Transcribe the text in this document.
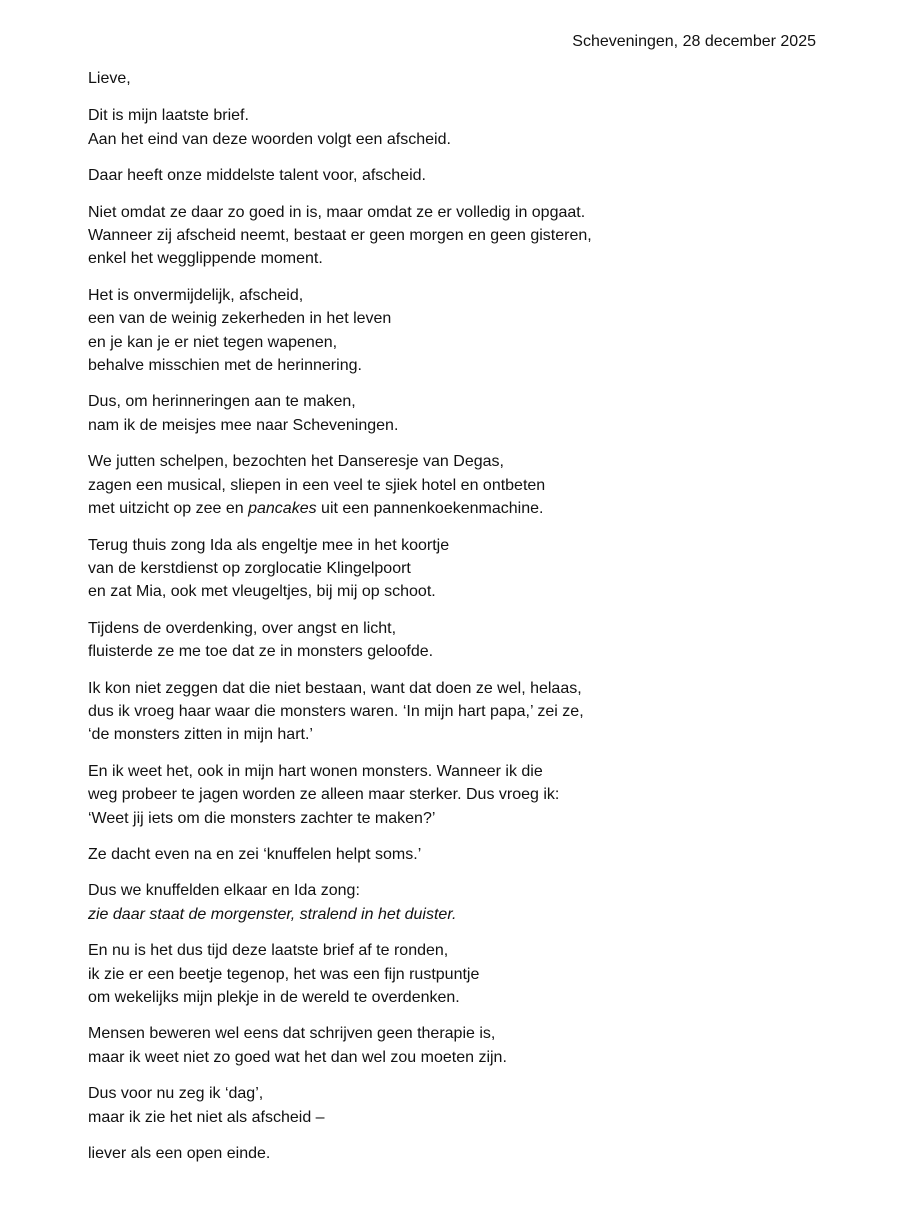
Scheveningen, 28 december 2025
Lieve,
Dit is mijn laatste brief.
Aan het eind van deze woorden volgt een afscheid.
Daar heeft onze middelste talent voor, afscheid.
Niet omdat ze daar zo goed in is, maar omdat ze er volledig in opgaat.
Wanneer zij afscheid neemt, bestaat er geen morgen en geen gisteren,
enkel het wegglippende moment.
Het is onvermijdelijk, afscheid,
een van de weinig zekerheden in het leven
en je kan je er niet tegen wapenen,
behalve misschien met de herinnering.
Dus, om herinneringen aan te maken,
nam ik de meisjes mee naar Scheveningen.
We jutten schelpen, bezochten het Danseresje van Degas,
zagen een musical, sliepen in een veel te sjiek hotel en ontbeten
met uitzicht op zee en pancakes uit een pannenkoekenmachine.
Terug thuis zong Ida als engeltje mee in het koortje
van de kerstdienst op zorglocatie Klingelpoort
en zat Mia, ook met vleugeltjes, bij mij op schoot.
Tijdens de overdenking, over angst en licht,
fluisterde ze me toe dat ze in monsters geloofde.
Ik kon niet zeggen dat die niet bestaan, want dat doen ze wel, helaas,
dus ik vroeg haar waar die monsters waren. ‘In mijn hart papa,’ zei ze,
‘de monsters zitten in mijn hart.’
En ik weet het, ook in mijn hart wonen monsters. Wanneer ik die
weg probeer te jagen worden ze alleen maar sterker. Dus vroeg ik:
‘Weet jij iets om die monsters zachter te maken?’
Ze dacht even na en zei ‘knuffelen helpt soms.’
Dus we knuffelden elkaar en Ida zong:
zie daar staat de morgenster, stralend in het duister.
En nu is het dus tijd deze laatste brief af te ronden,
ik zie er een beetje tegenop, het was een fijn rustpuntje
om wekelijks mijn plekje in de wereld te overdenken.
Mensen beweren wel eens dat schrijven geen therapie is,
maar ik weet niet zo goed wat het dan wel zou moeten zijn.
Dus voor nu zeg ik ‘dag’,
maar ik zie het niet als afscheid –
liever als een open einde.
